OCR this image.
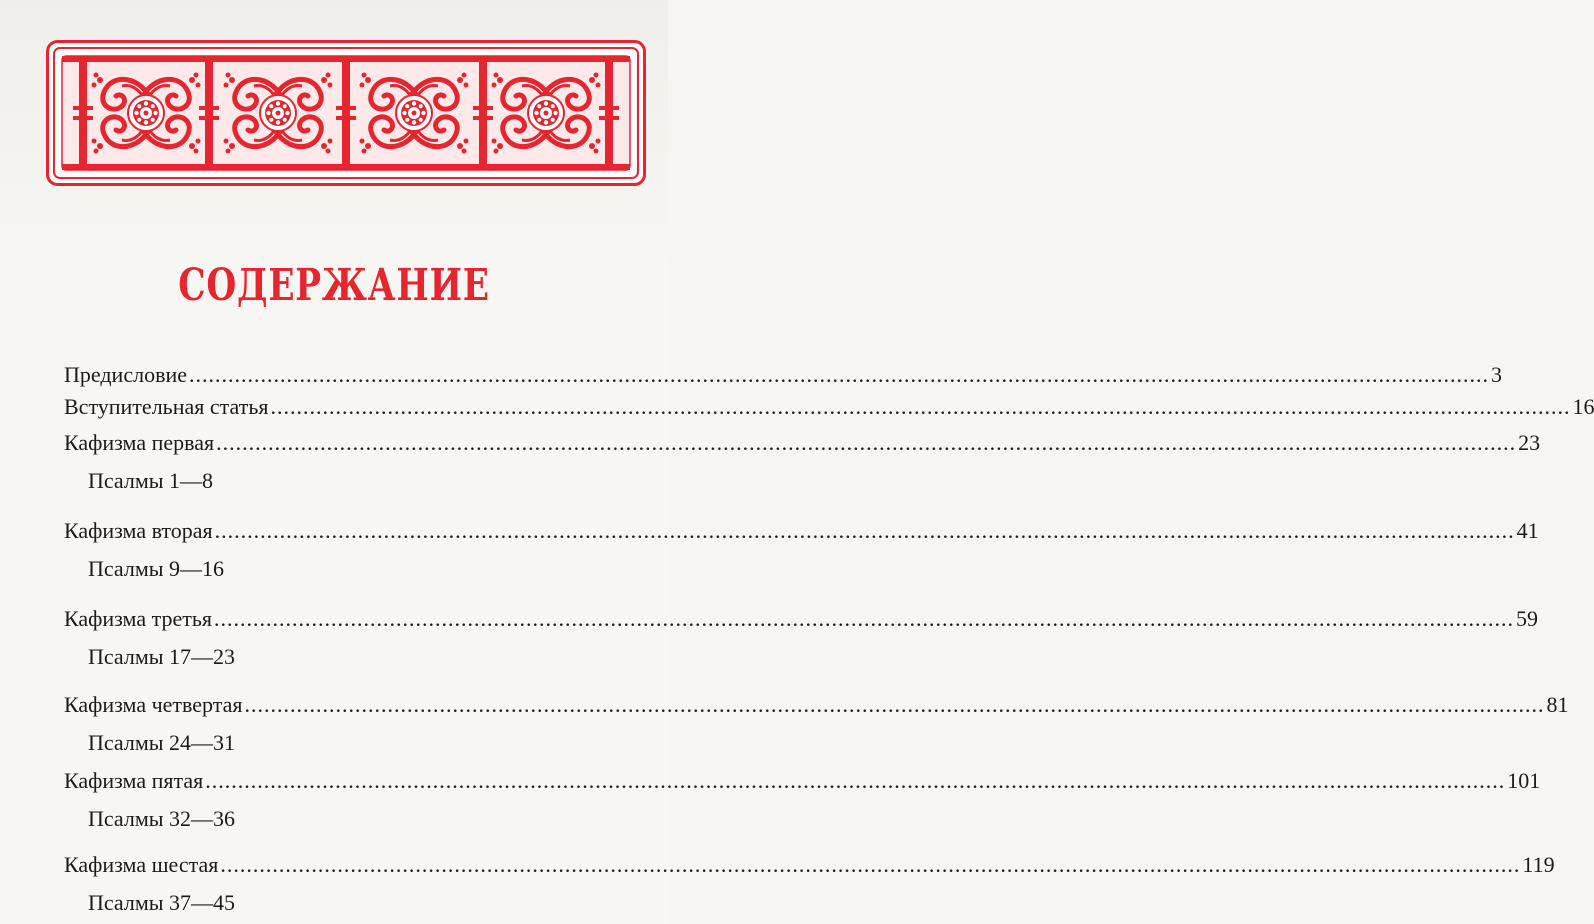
СОДЕРЖАНИЕ
Предисловие ........................................................................................................................................................................................................ 3
Вступительная статья ........................................................................................................................................................................................................ 16
Кафизма первая ........................................................................................................................................................................................................ 23
Псалмы 1—8
Кафизма вторая ........................................................................................................................................................................................................ 41
Псалмы 9—16
Кафизма третья ........................................................................................................................................................................................................ 59
Псалмы 17—23
Кафизма четвертая ........................................................................................................................................................................................................ 81
Псалмы 24—31
Кафизма пятая ........................................................................................................................................................................................................ 101
Псалмы 32—36
Кафизма шестая ........................................................................................................................................................................................................ 119
Псалмы 37—45
